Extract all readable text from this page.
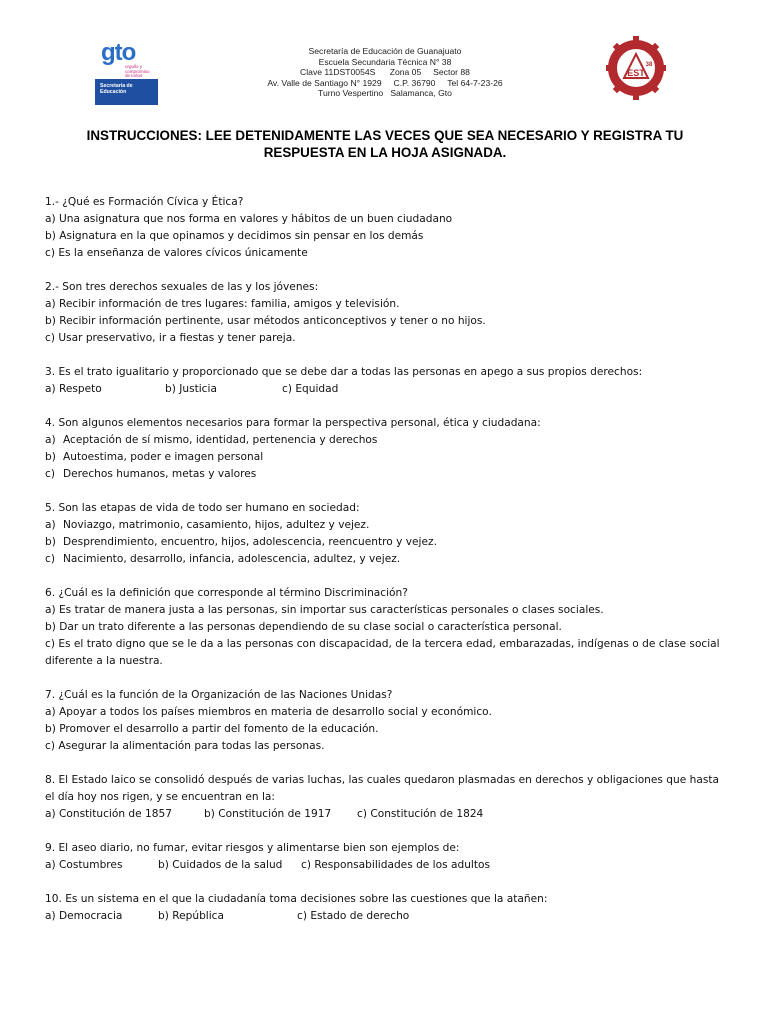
gto
orgullo y
compromiso
de todos
Secretaría de
Educación
Secretaría de Educación de Guanajuato
Escuela Secundaria Técnica N° 38
Clave 11DST0054S      Zona 05     Sector 88
Av. Valle de Santiago N° 1929     C.P. 36790     Tel 64-7-23-26
Turno Vespertino   Salamanca, Gto
EST
38
INSTRUCCIONES: LEE DETENIDAMENTE LAS VECES QUE SEA NECESARIO Y REGISTRA TU RESPUESTA EN LA HOJA ASIGNADA.
1.- ¿Qué es Formación Cívica y Ética?
a) Una asignatura que nos forma en valores y hábitos de un buen ciudadano
b) Asignatura en la que opinamos y decidimos sin pensar en los demás
c) Es la enseñanza de valores cívicos únicamente
2.- Son tres derechos sexuales de las y los jóvenes:
a) Recibir información de tres lugares: familia, amigos y televisión.
b) Recibir información pertinente, usar métodos anticonceptivos y tener o no hijos.
c) Usar preservativo, ir a fiestas y tener pareja.
3. Es el trato igualitario y proporcionado que se debe dar a todas las personas en apego a sus propios derechos:
a) Respeto	b) Justicia	c) Equidad
4. Son algunos elementos necesarios para formar la perspectiva personal, ética y ciudadana:
a) Aceptación de sí mismo, identidad, pertenencia y derechos
b) Autoestima, poder e imagen personal
c) Derechos humanos, metas y valores
5. Son las etapas de vida de todo ser humano en sociedad:
a) Noviazgo, matrimonio, casamiento, hijos, adultez y vejez.
b) Desprendimiento, encuentro, hijos, adolescencia, reencuentro y vejez.
c) Nacimiento, desarrollo, infancia, adolescencia, adultez, y vejez.
6. ¿Cuál es la definición que corresponde al término Discriminación?
a) Es tratar de manera justa a las personas, sin importar sus características personales o clases sociales.
b) Dar un trato diferente a las personas dependiendo de su clase social o característica personal.
c) Es el trato digno que se le da a las personas con discapacidad, de la tercera edad, embarazadas, indígenas o de clase social diferente a la nuestra.
7. ¿Cuál es la función de la Organización de las Naciones Unidas?
a) Apoyar a todos los países miembros en materia de desarrollo social y económico.
b) Promover el desarrollo a partir del fomento de la educación.
c) Asegurar la alimentación para todas las personas.
8. El Estado laico se consolidó después de varias luchas, las cuales quedaron plasmadas en derechos y obligaciones que hasta el día hoy nos rigen, y se encuentran en la:
a) Constitución de 1857	b) Constitución de 1917 c) Constitución de 1824
9. El aseo diario, no fumar, evitar riesgos y alimentarse bien son ejemplos de:
a) Costumbres	b) Cuidados de la salud c) Responsabilidades de los adultos
10. Es un sistema en el que la ciudadanía toma decisiones sobre las cuestiones que la atañen:
a) Democracia	b) República	c) Estado de derecho
